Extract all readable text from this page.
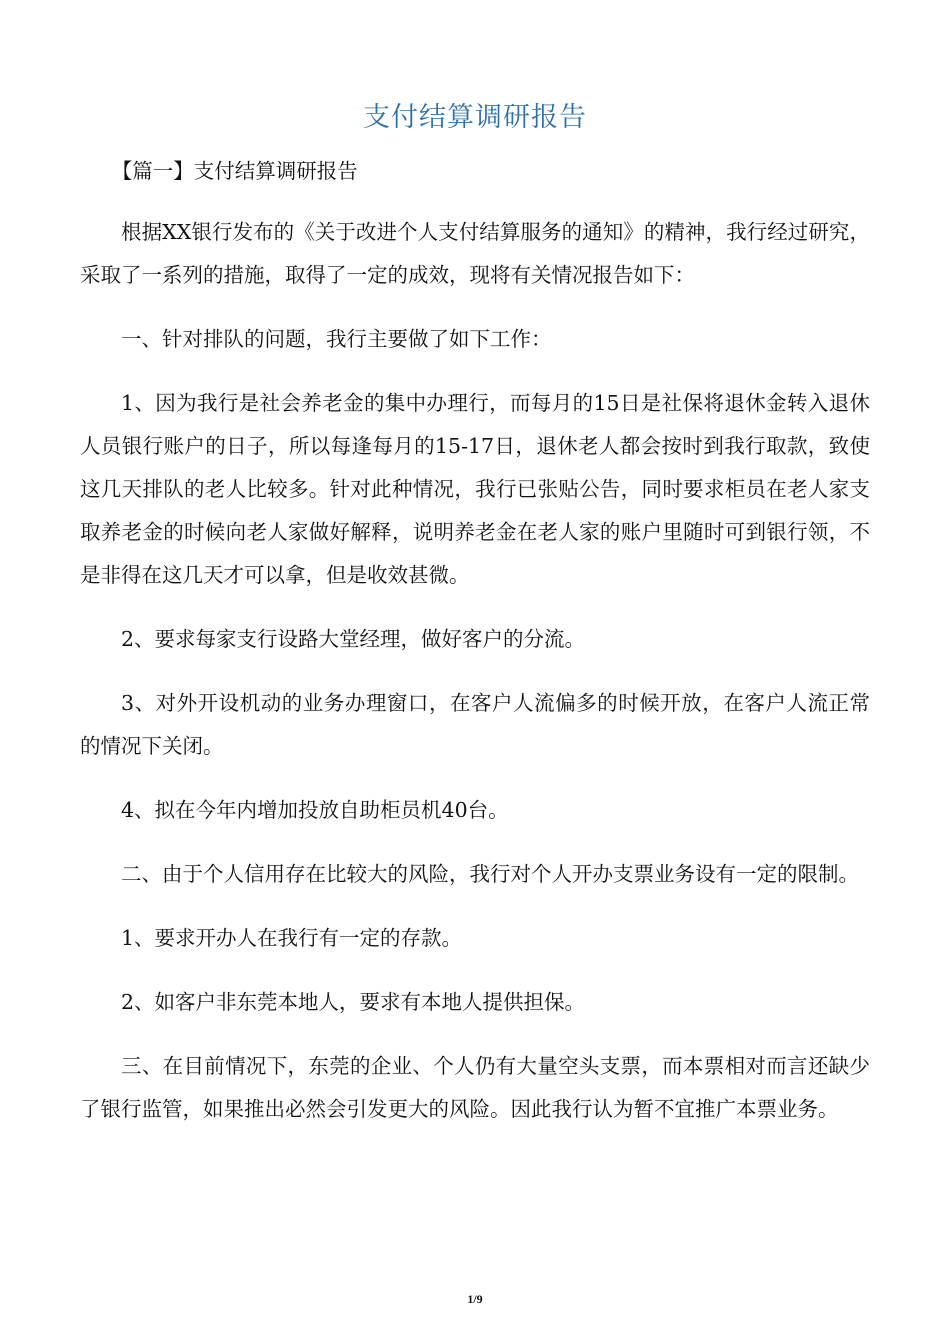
支付结算调研报告

【篇一】支付结算调研报告

根据XX银行发布的《关于改进个人支付结算服务的通知》的精神，我行经过研究，采取了一系列的措施，取得了一定的成效，现将有关情况报告如下：

一、针对排队的问题，我行主要做了如下工作：

1、因为我行是社会养老金的集中办理行，而每月的15日是社保将退休金转入退休人员银行账户的日子，所以每逢每月的15-17日，退休老人都会按时到我行取款，致使这几天排队的老人比较多。针对此种情况，我行已张贴公告，同时要求柜员在老人家支取养老金的时候向老人家做好解释，说明养老金在老人家的账户里随时可到银行领，不是非得在这几天才可以拿，但是收效甚微。

2、要求每家支行设路大堂经理，做好客户的分流。

3、对外开设机动的业务办理窗口，在客户人流偏多的时候开放，在客户人流正常的情况下关闭。

4、拟在今年内增加投放自助柜员机40台。

二、由于个人信用存在比较大的风险，我行对个人开办支票业务设有一定的限制。

1、要求开办人在我行有一定的存款。

2、如客户非东莞本地人，要求有本地人提供担保。

三、在目前情况下，东莞的企业、个人仍有大量空头支票，而本票相对而言还缺少了银行监管，如果推出必然会引发更大的风险。因此我行认为暂不宜推广本票业务。

1/9
